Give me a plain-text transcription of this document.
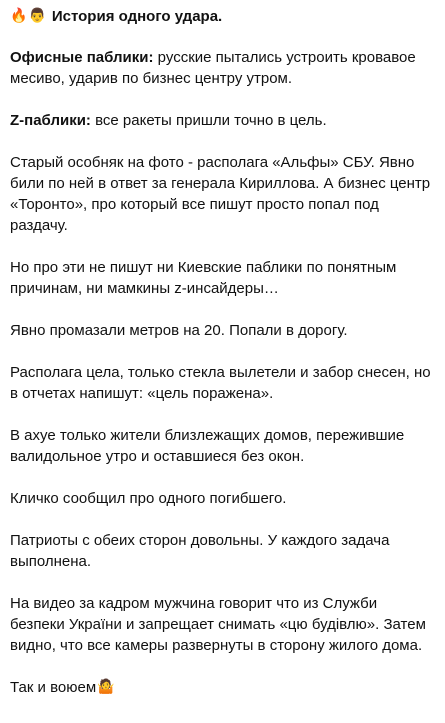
🔥 👨 История одного удара.

Офисные паблики: русские пытались устроить кровавое месиво, ударив по бизнес центру утром.

Z-паблики: все ракеты пришли точно в цель.

Старый особняк на фото - располага «Альфы» СБУ. Явно били по ней в ответ за генерала Кириллова. А бизнес центр «Торонто», про который все пишут просто попал под раздачу.

Но про эти не пишут ни Киевские паблики по понятным причинам, ни мамкины z-инсайдеры…

Явно промазали метров на 20. Попали в дорогу.

Располага цела, только стекла вылетели и забор снесен, но в отчетах напишут: «цель поражена».

В ахуе только жители близлежащих домов, пережившие валидольное утро и оставшиеся без окон.

Кличко сообщил про одного погибшего.

Патриоты с обеих сторон довольны. У каждого задача выполнена.

На видео за кадром мужчина говорит что из Служби безпеки України и запрещает снимать «цю будівлю». Затем видно, что все камеры развернуты в сторону жилого дома.

Так и воюем🤷
